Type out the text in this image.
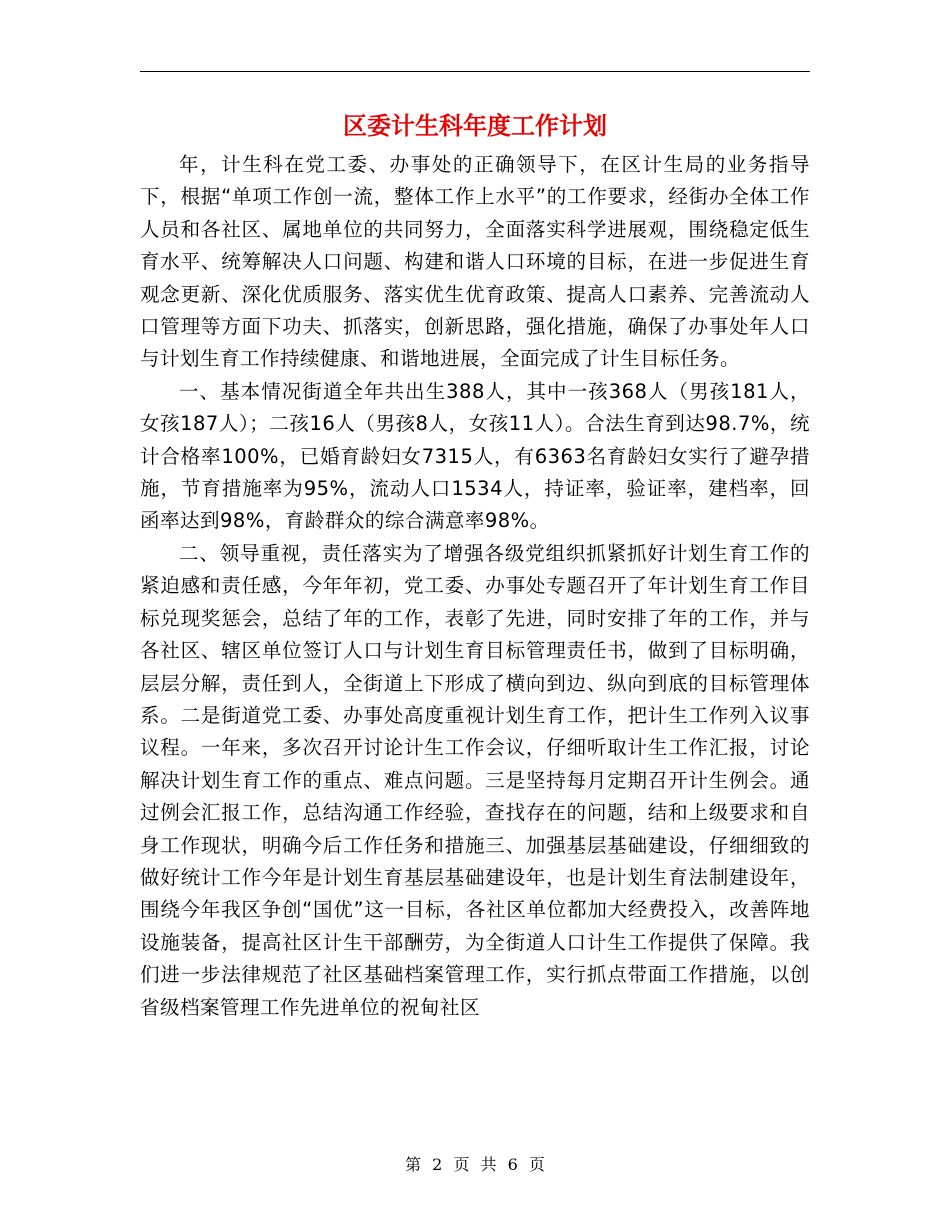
区委计生科年度工作计划

年，计生科在党工委、办事处的正确领导下，在区计生局的业务指导下，根据“单项工作创一流，整体工作上水平”的工作要求，经街办全体工作人员和各社区、属地单位的共同努力，全面落实科学进展观，围绕稳定低生育水平、统筹解决人口问题、构建和谐人口环境的目标，在进一步促进生育观念更新、深化优质服务、落实优生优育政策、提高人口素养、完善流动人口管理等方面下功夫、抓落实，创新思路，强化措施，确保了办事处年人口与计划生育工作持续健康、和谐地进展，全面完成了计生目标任务。

一、基本情况街道全年共出生388人，其中一孩368人（男孩181人，女孩187人）；二孩16人（男孩8人，女孩11人）。合法生育到达98.7%，统计合格率100%，已婚育龄妇女7315人，有6363名育龄妇女实行了避孕措施，节育措施率为95%，流动人口1534人，持证率，验证率，建档率，回函率达到98%，育龄群众的综合满意率98%。

二、领导重视，责任落实为了增强各级党组织抓紧抓好计划生育工作的紧迫感和责任感，今年年初，党工委、办事处专题召开了年计划生育工作目标兑现奖惩会，总结了年的工作，表彰了先进，同时安排了年的工作，并与各社区、辖区单位签订人口与计划生育目标管理责任书，做到了目标明确，层层分解，责任到人，全街道上下形成了横向到边、纵向到底的目标管理体系。二是街道党工委、办事处高度重视计划生育工作，把计生工作列入议事议程。一年来，多次召开讨论计生工作会议，仔细听取计生工作汇报，讨论解决计划生育工作的重点、难点问题。三是坚持每月定期召开计生例会。通过例会汇报工作，总结沟通工作经验，查找存在的问题，结和上级要求和自身工作现状，明确今后工作任务和措施三、加强基层基础建设，仔细细致的做好统计工作今年是计划生育基层基础建设年，也是计划生育法制建设年，围绕今年我区争创“国优”这一目标，各社区单位都加大经费投入，改善阵地设施装备，提高社区计生干部酬劳，为全街道人口计生工作提供了保障。我们进一步法律规范了社区基础档案管理工作，实行抓点带面工作措施，以创省级档案管理工作先进单位的祝甸社区

第 2 页 共 6 页
